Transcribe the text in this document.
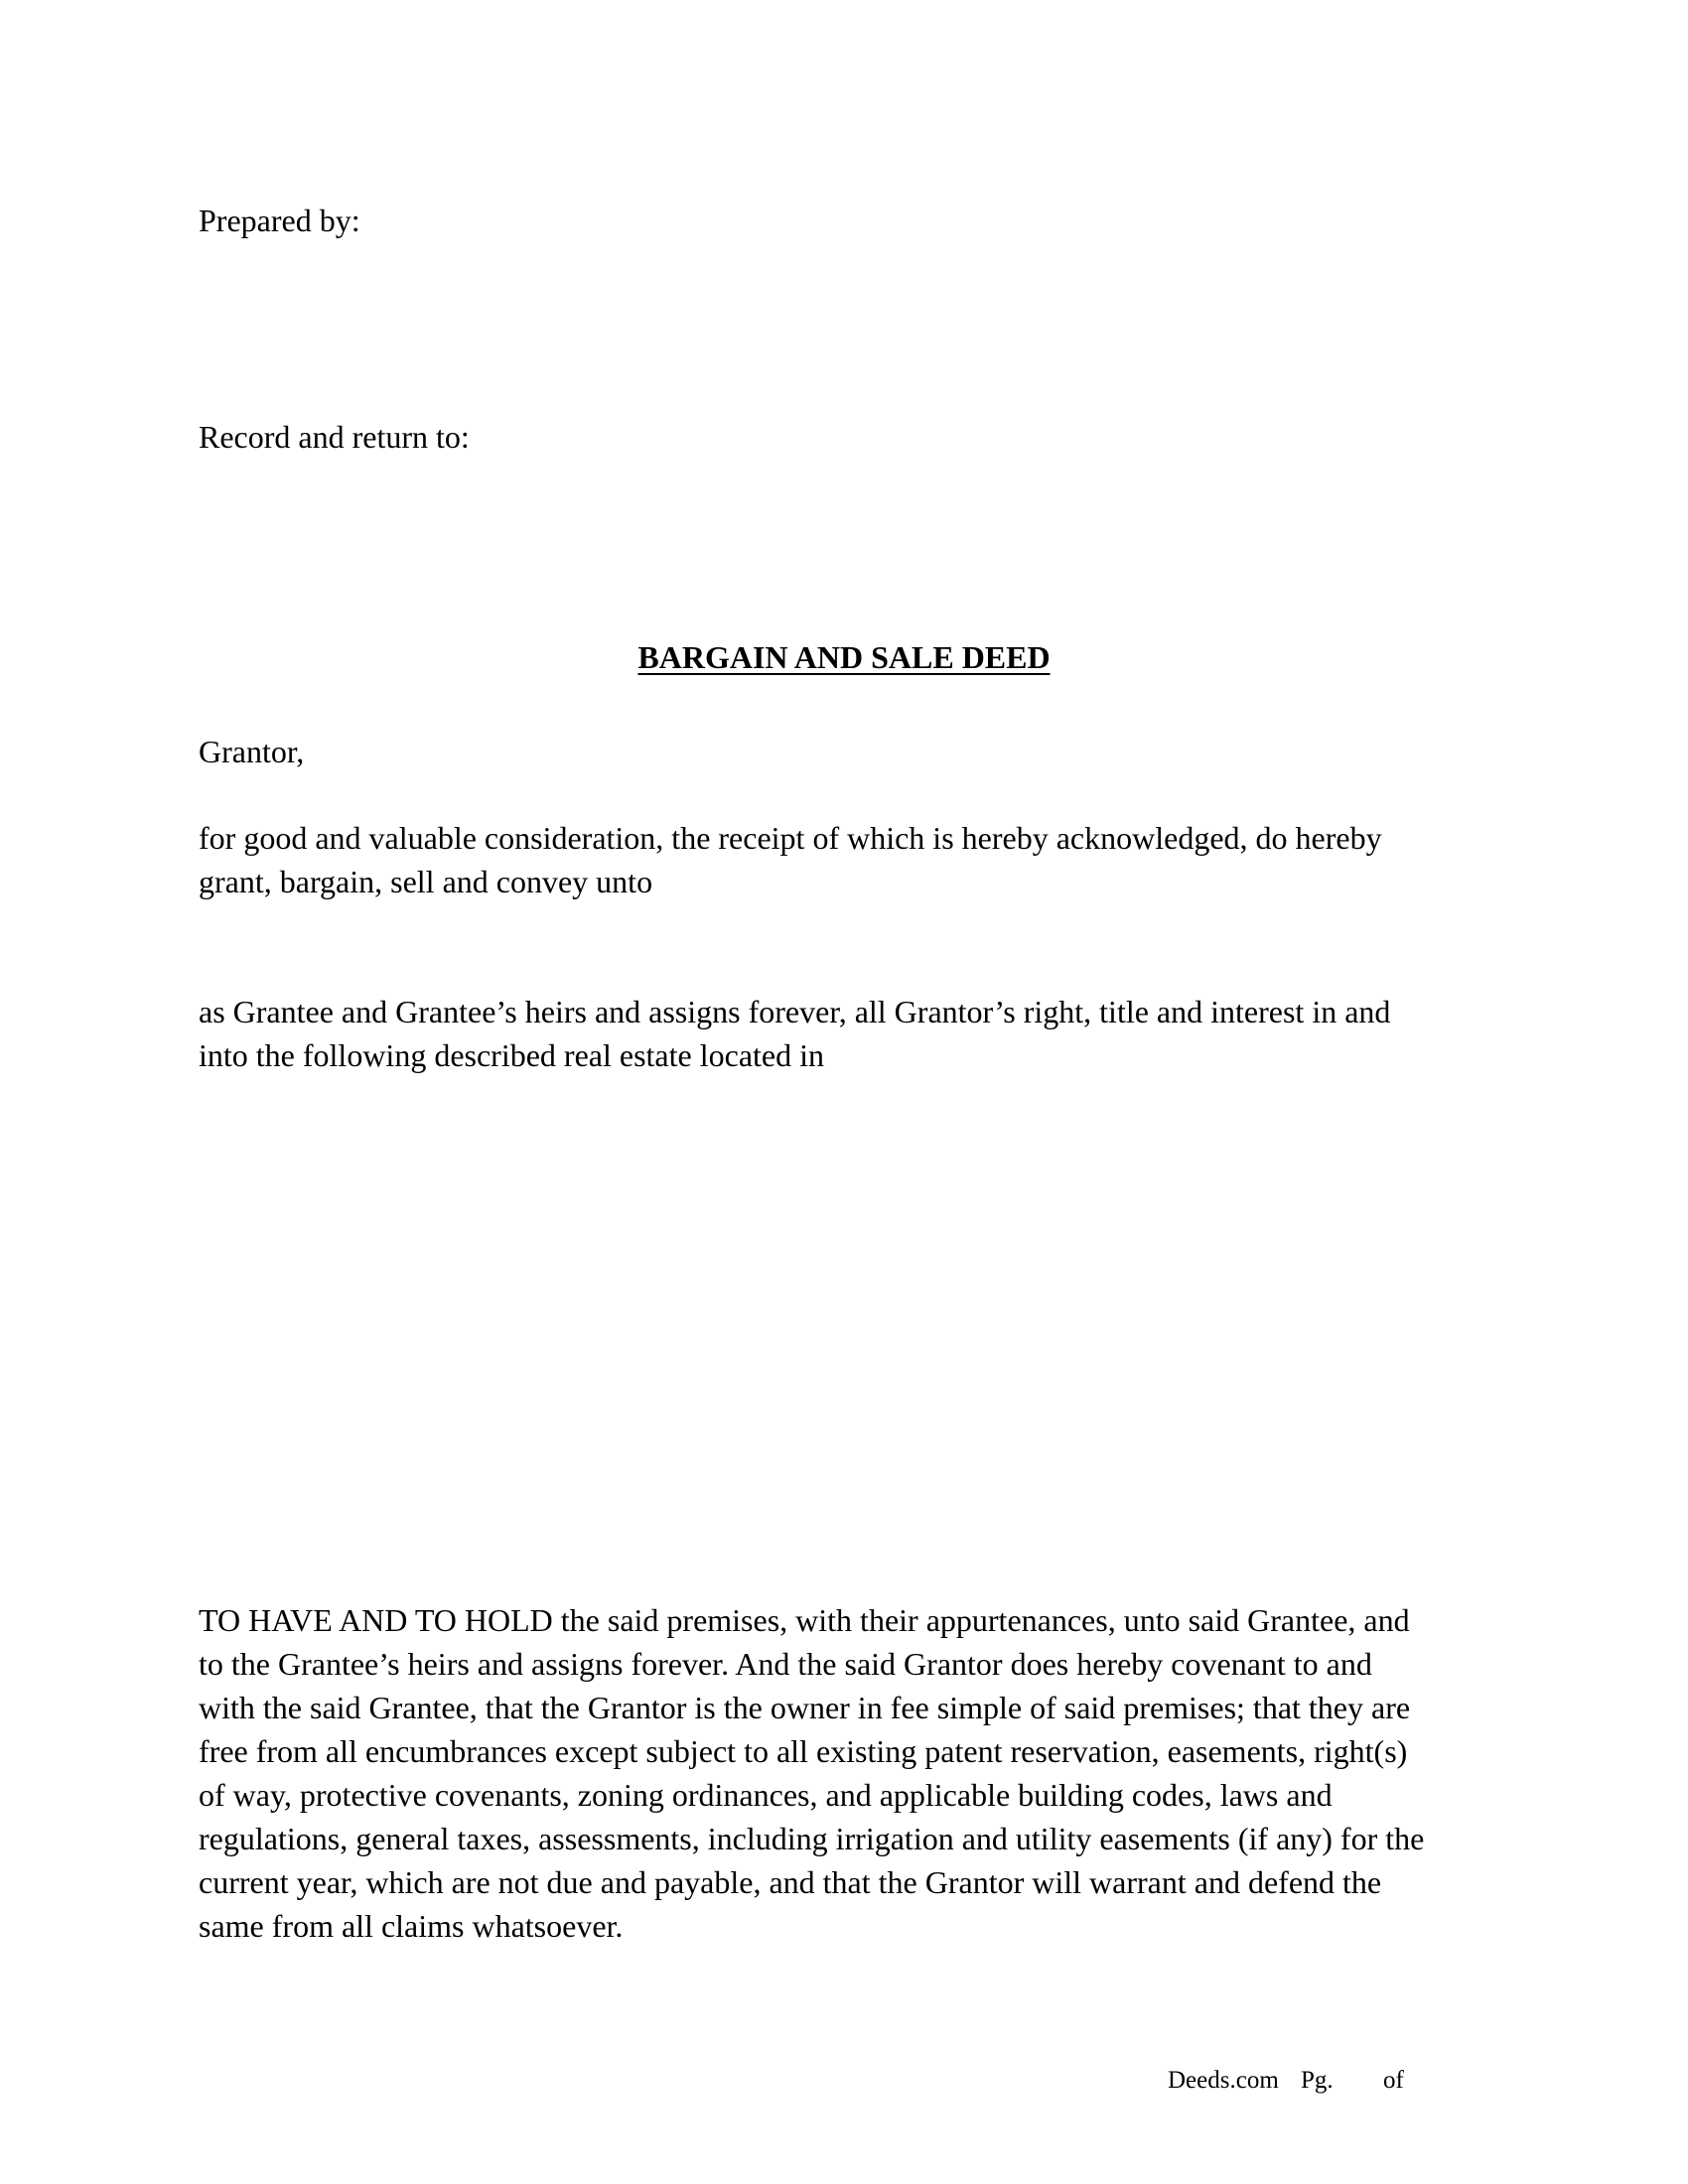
Prepared by:
Record and return to:
BARGAIN AND SALE DEED
Grantor,
for good and valuable consideration, the receipt of which is hereby acknowledged, do hereby
grant, bargain, sell and convey unto
as Grantee and Grantee’s heirs and assigns forever, all Grantor’s right, title and interest in and
into the following described real estate located in
TO HAVE AND TO HOLD the said premises, with their appurtenances, unto said Grantee, and
to the Grantee’s heirs and assigns forever. And the said Grantor does hereby covenant to and
with the said Grantee, that the Grantor is the owner in fee simple of said premises; that they are
free from all encumbrances except subject to all existing patent reservation, easements, right(s)
of way, protective covenants, zoning ordinances, and applicable building codes, laws and
regulations, general taxes, assessments, including irrigation and utility easements (if any) for the
current year, which are not due and payable, and that the Grantor will warrant and defend the
same from all claims whatsoever.
Deeds.com Pg. of
